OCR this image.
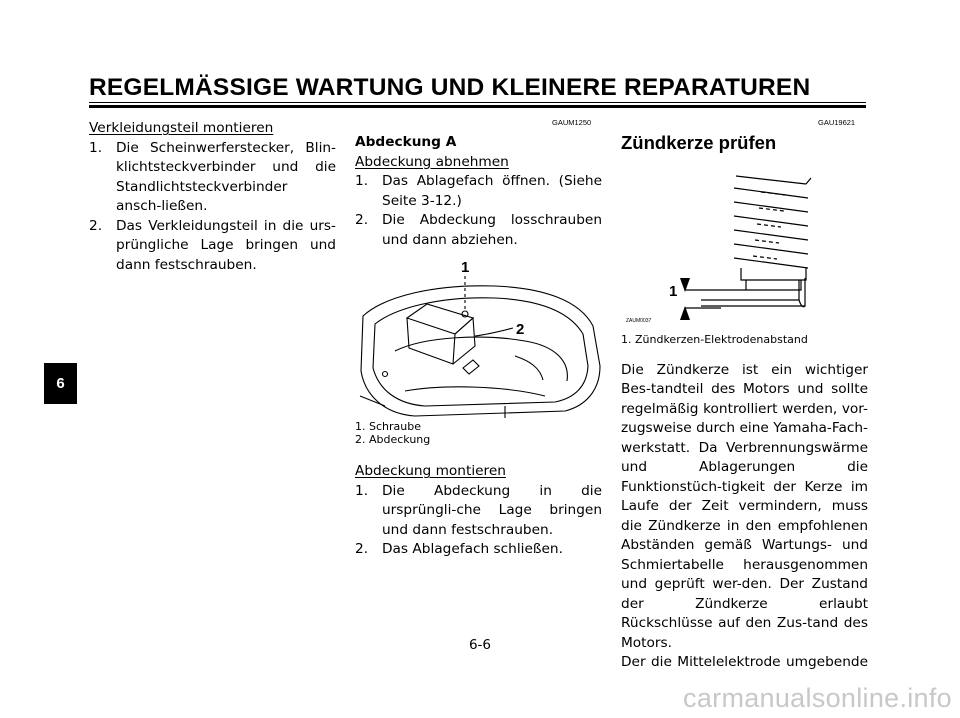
REGELMÄSSIGE WARTUNG UND KLEINERE REPARATUREN
6
Verkleidungsteil montieren
1.	Die Scheinwerferstecker, Blin-klichtsteckverbinder und die Standlichtsteckverbinder ansch-ließen.
2.	Das Verkleidungsteil in die urs-prüngliche Lage bringen und dann festschrauben.
GAUM1250
Abdeckung A
Abdeckung abnehmen
1.	Das Ablagefach öffnen. (Siehe Seite 3-12.)
2.	Die Abdeckung losschrauben und dann abziehen.
1
2
1. Schraube
2. Abdeckung
Abdeckung montieren
1.	Die Abdeckung in die ursprüngli-che Lage bringen und dann festschrauben.
2.	Das Ablagefach schließen.
GAU19621
Zündkerze prüfen
1
ZAUM0037
1. Zündkerzen-Elektrodenabstand
Die Zündkerze ist ein wichtiger Bes-tandteil des Motors und sollte regelmäßig kontrolliert werden, vor-zugsweise durch eine Yamaha-Fach-werkstatt. Da Verbrennungswärme und Ablagerungen die Funktionstüch-tigkeit der Kerze im Laufe der Zeit vermindern, muss die Zündkerze in den empfohlenen Abständen gemäß Wartungs- und Schmiertabelle herausgenommen und geprüft wer-den. Der Zustand der Zündkerze erlaubt Rückschlüsse auf den Zus-tand des Motors.
Der die Mittelelektrode umgebende
6-6
carmanualsonline.info
